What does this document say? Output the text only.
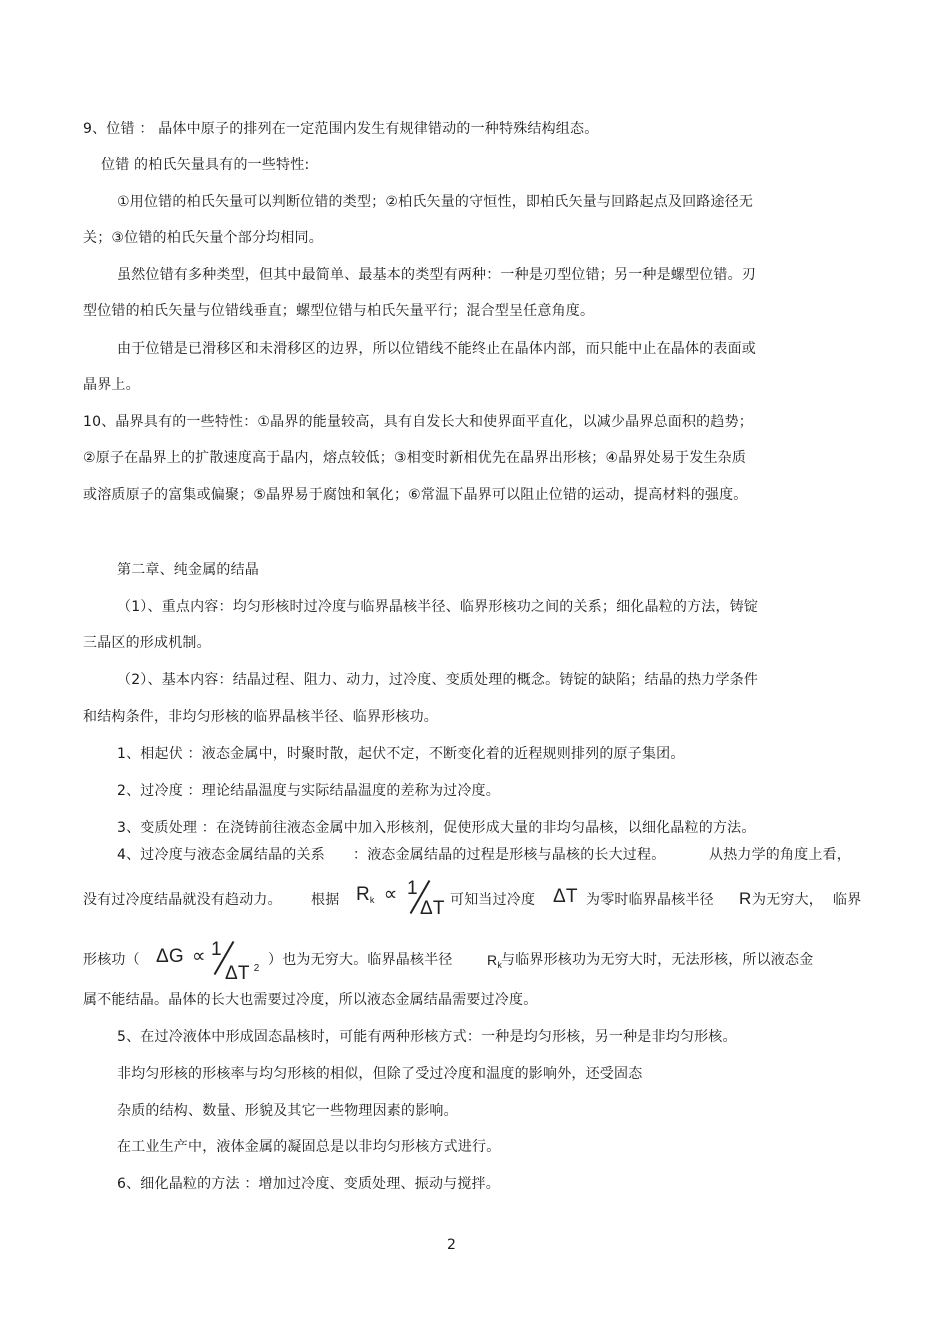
9、位错 ： 晶体中原子的排列在一定范围内发生有规律错动的一种特殊结构组态。
位错 的柏氏矢量具有的一些特性:
①用位错的柏氏矢量可以判断位错的类型；②柏氏矢量的守恒性，即柏氏矢量与回路起点及回路途径无
关；③位错的柏氏矢量个部分均相同。
虽然位错有多种类型，但其中最简单、最基本的类型有两种：一种是刃型位错；另一种是螺型位错。刃
型位错的柏氏矢量与位错线垂直；螺型位错与柏氏矢量平行；混合型呈任意角度。
由于位错是已滑移区和未滑移区的边界，所以位错线不能终止在晶体内部，而只能中止在晶体的表面或
晶界上。
10、晶界具有的一些特性：①晶界的能量较高，具有自发长大和使界面平直化，以减少晶界总面积的趋势；
②原子在晶界上的扩散速度高于晶内，熔点较低；③相变时新相优先在晶界出形核；④晶界处易于发生杂质
或溶质原子的富集或偏聚；⑤晶界易于腐蚀和氧化；⑥常温下晶界可以阻止位错的运动，提高材料的强度。
第二章、纯金属的结晶
（1）、重点内容：均匀形核时过冷度与临界晶核半径、临界形核功之间的关系；细化晶粒的方法，铸锭
三晶区的形成机制。
（2）、基本内容：结晶过程、阻力、动力，过冷度、变质处理的概念。铸锭的缺陷；结晶的热力学条件
和结构条件，非均匀形核的临界晶核半径、临界形核功。
1、相起伏 ：液态金属中，时聚时散，起伏不定，不断变化着的近程规则排列的原子集团。
2、过冷度 ：理论结晶温度与实际结晶温度的差称为过冷度。
3、变质处理 ：在浇铸前往液态金属中加入形核剂，促使形成大量的非均匀晶核，以细化晶粒的方法。
4、过冷度与液态金属结晶的关系 ：液态金属结晶的过程是形核与晶核的长大过程。	从热力学的角度上看，
没有过冷度结晶就没有趋动力。 根据 $R_k \propto 1$
ΔT 可知当过冷度 ΔT 为零时临界晶核半径 R 为无穷大， 临界
形核功（ ΔG ∝ 1
ΔT $^2$
）也为无穷大。临界晶核半径 $R_k$
与临界形核功为无穷大时，无法形核，所以液态金
属不能结晶。晶体的长大也需要过冷度，所以液态金属结晶需要过冷度。
5、在过冷液体中形成固态晶核时，可能有两种形核方式：一种是均匀形核，另一种是非均匀形核。
非均匀形核的形核率与均匀形核的相似，但除了受过冷度和温度的影响外，还受固态
杂质的结构、数量、形貌及其它一些物理因素的影响。
在工业生产中，液体金属的凝固总是以非均匀形核方式进行。
6、细化晶粒的方法 ：增加过冷度、变质处理、振动与搅拌。
2
